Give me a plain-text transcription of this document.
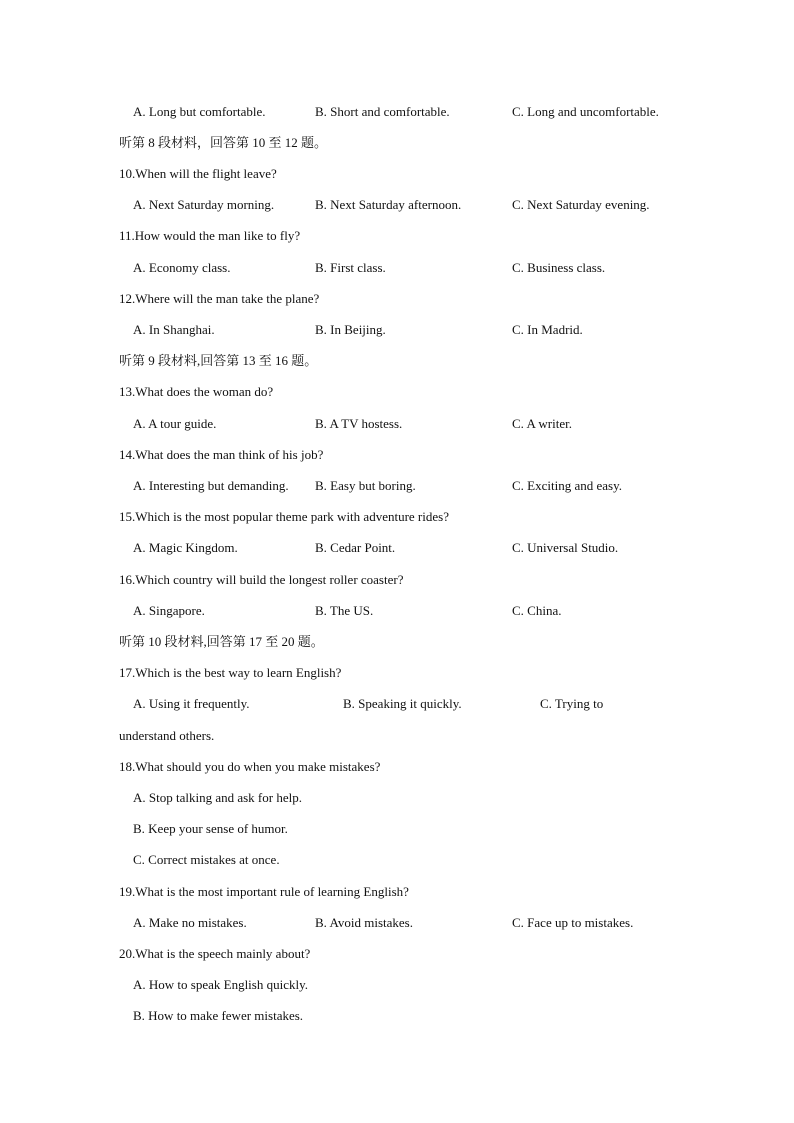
A. Long but comfortable.	B. Short and comfortable.	C. Long and uncomfortable.
听第 8 段材料，回答第 10 至 12 题。
10.When will the flight leave?
A. Next Saturday morning.	B. Next Saturday afternoon.	C. Next Saturday evening.
11.How would the man like to fly?
A. Economy class.	B. First class.	C. Business class.
12.Where will the man take the plane?
A. In Shanghai.	B. In Beijing.	C. In Madrid.
听第 9 段材料,回答第 13 至 16 题。
13.What does the woman do?
A. A tour guide.	B. A TV hostess.	C. A writer.
14.What does the man think of his job?
A. Interesting but demanding. B. Easy but boring.	C. Exciting and easy.
15.Which is the most popular theme park with adventure rides?
A. Magic Kingdom.	B. Cedar Point.	C. Universal Studio.
16.Which country will build the longest roller coaster?
A. Singapore.	B. The US.	C. China.
听第 10 段材料,回答第 17 至 20 题。
17.Which is the best way to learn English?
A. Using it frequently.	B. Speaking it quickly.	C. Trying to
understand others.
18.What should you do when you make mistakes?
A. Stop talking and ask for help.
B. Keep your sense of humor.
C. Correct mistakes at once.
19.What is the most important rule of learning English?
A. Make no mistakes.	B. Avoid mistakes.	C. Face up to mistakes.
20.What is the speech mainly about?
A. How to speak English quickly.
B. How to make fewer mistakes.
